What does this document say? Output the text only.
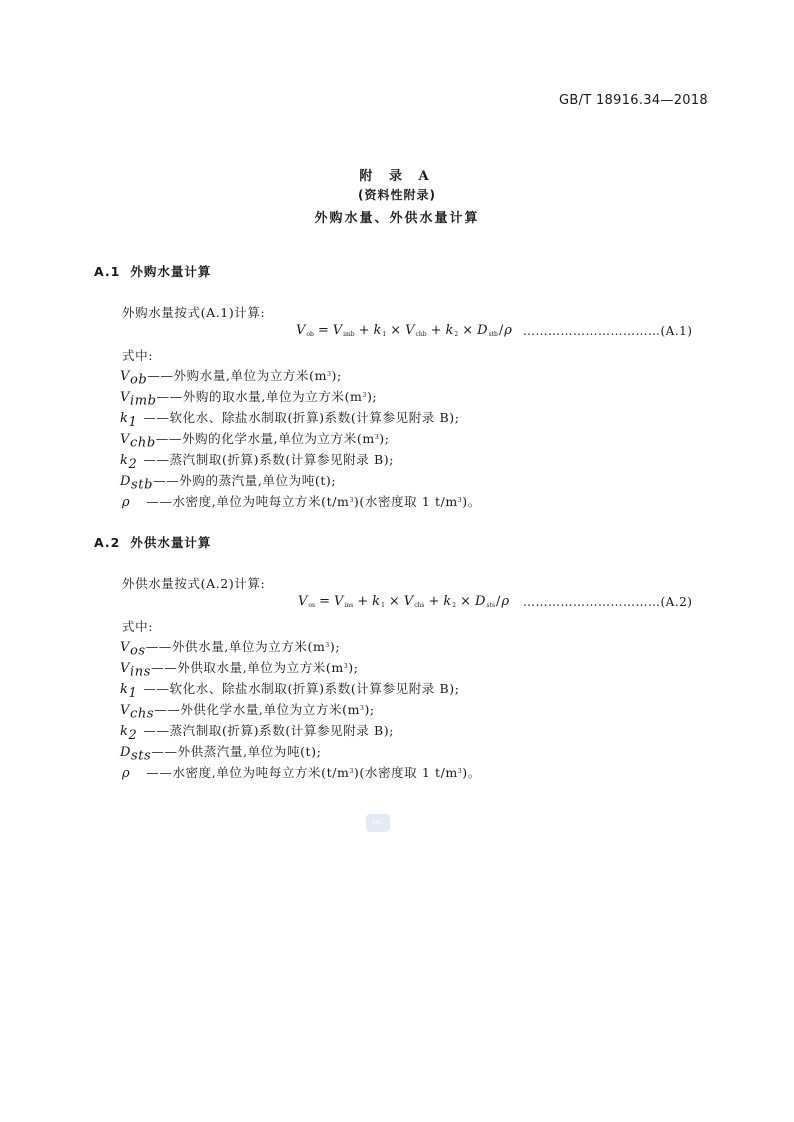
GB/T 18916.34—2018
附 录 A
(资料性附录)
外购水量、外供水量计算
A.1 外购水量计算
外购水量按式(A.1)计算:
$V_{ob} = V_{imb} + k_1 \times V_{chb} + k_2 \times D_{stb}/\rho$ ……………………………(A.1)
式中:
$V_{ob}——$外购水量,单位为立方米$(m^3)$;
$V_{imb}——$外购的取水量,单位为立方米$(m^3)$;
$k_1$ ——软化水、除盐水制取(折算)系数(计算参见附录 B);
$V_{chb}——$外购的化学水量,单位为立方米$(m^3)$;
$k_2$ ——蒸汽制取(折算)系数(计算参见附录 B);
$D_{stb}——$外购的蒸汽量,单位为吨(t);
ρ ——水密度,单位为吨每立方米$(t/m^3)$(水密度取 1 $t/m^3$)。
A.2 外供水量计算
外供水量按式(A.2)计算:
$V_{os} = V_{ins} + k_1 \times V_{chs} + k_2 \times D_{sts}/\rho$ ……………………………(A.2)
式中:
$V_{os}——$外供水量,单位为立方米$(m^3)$;
$V_{ins}——$外供取水量,单位为立方米$(m^3)$;
$k_1$ ——软化水、除盐水制取(折算)系数(计算参见附录 B);
$V_{chs}——$外供化学水量,单位为立方米$(m^3)$;
$k_2$ ——蒸汽制取(折算)系数(计算参见附录 B);
$D_{sts}——$外供蒸汽量,单位为吨(t);
ρ ——水密度,单位为吨每立方米$(t/m^3)$(水密度取 1 $t/m^3$)。
SAC
